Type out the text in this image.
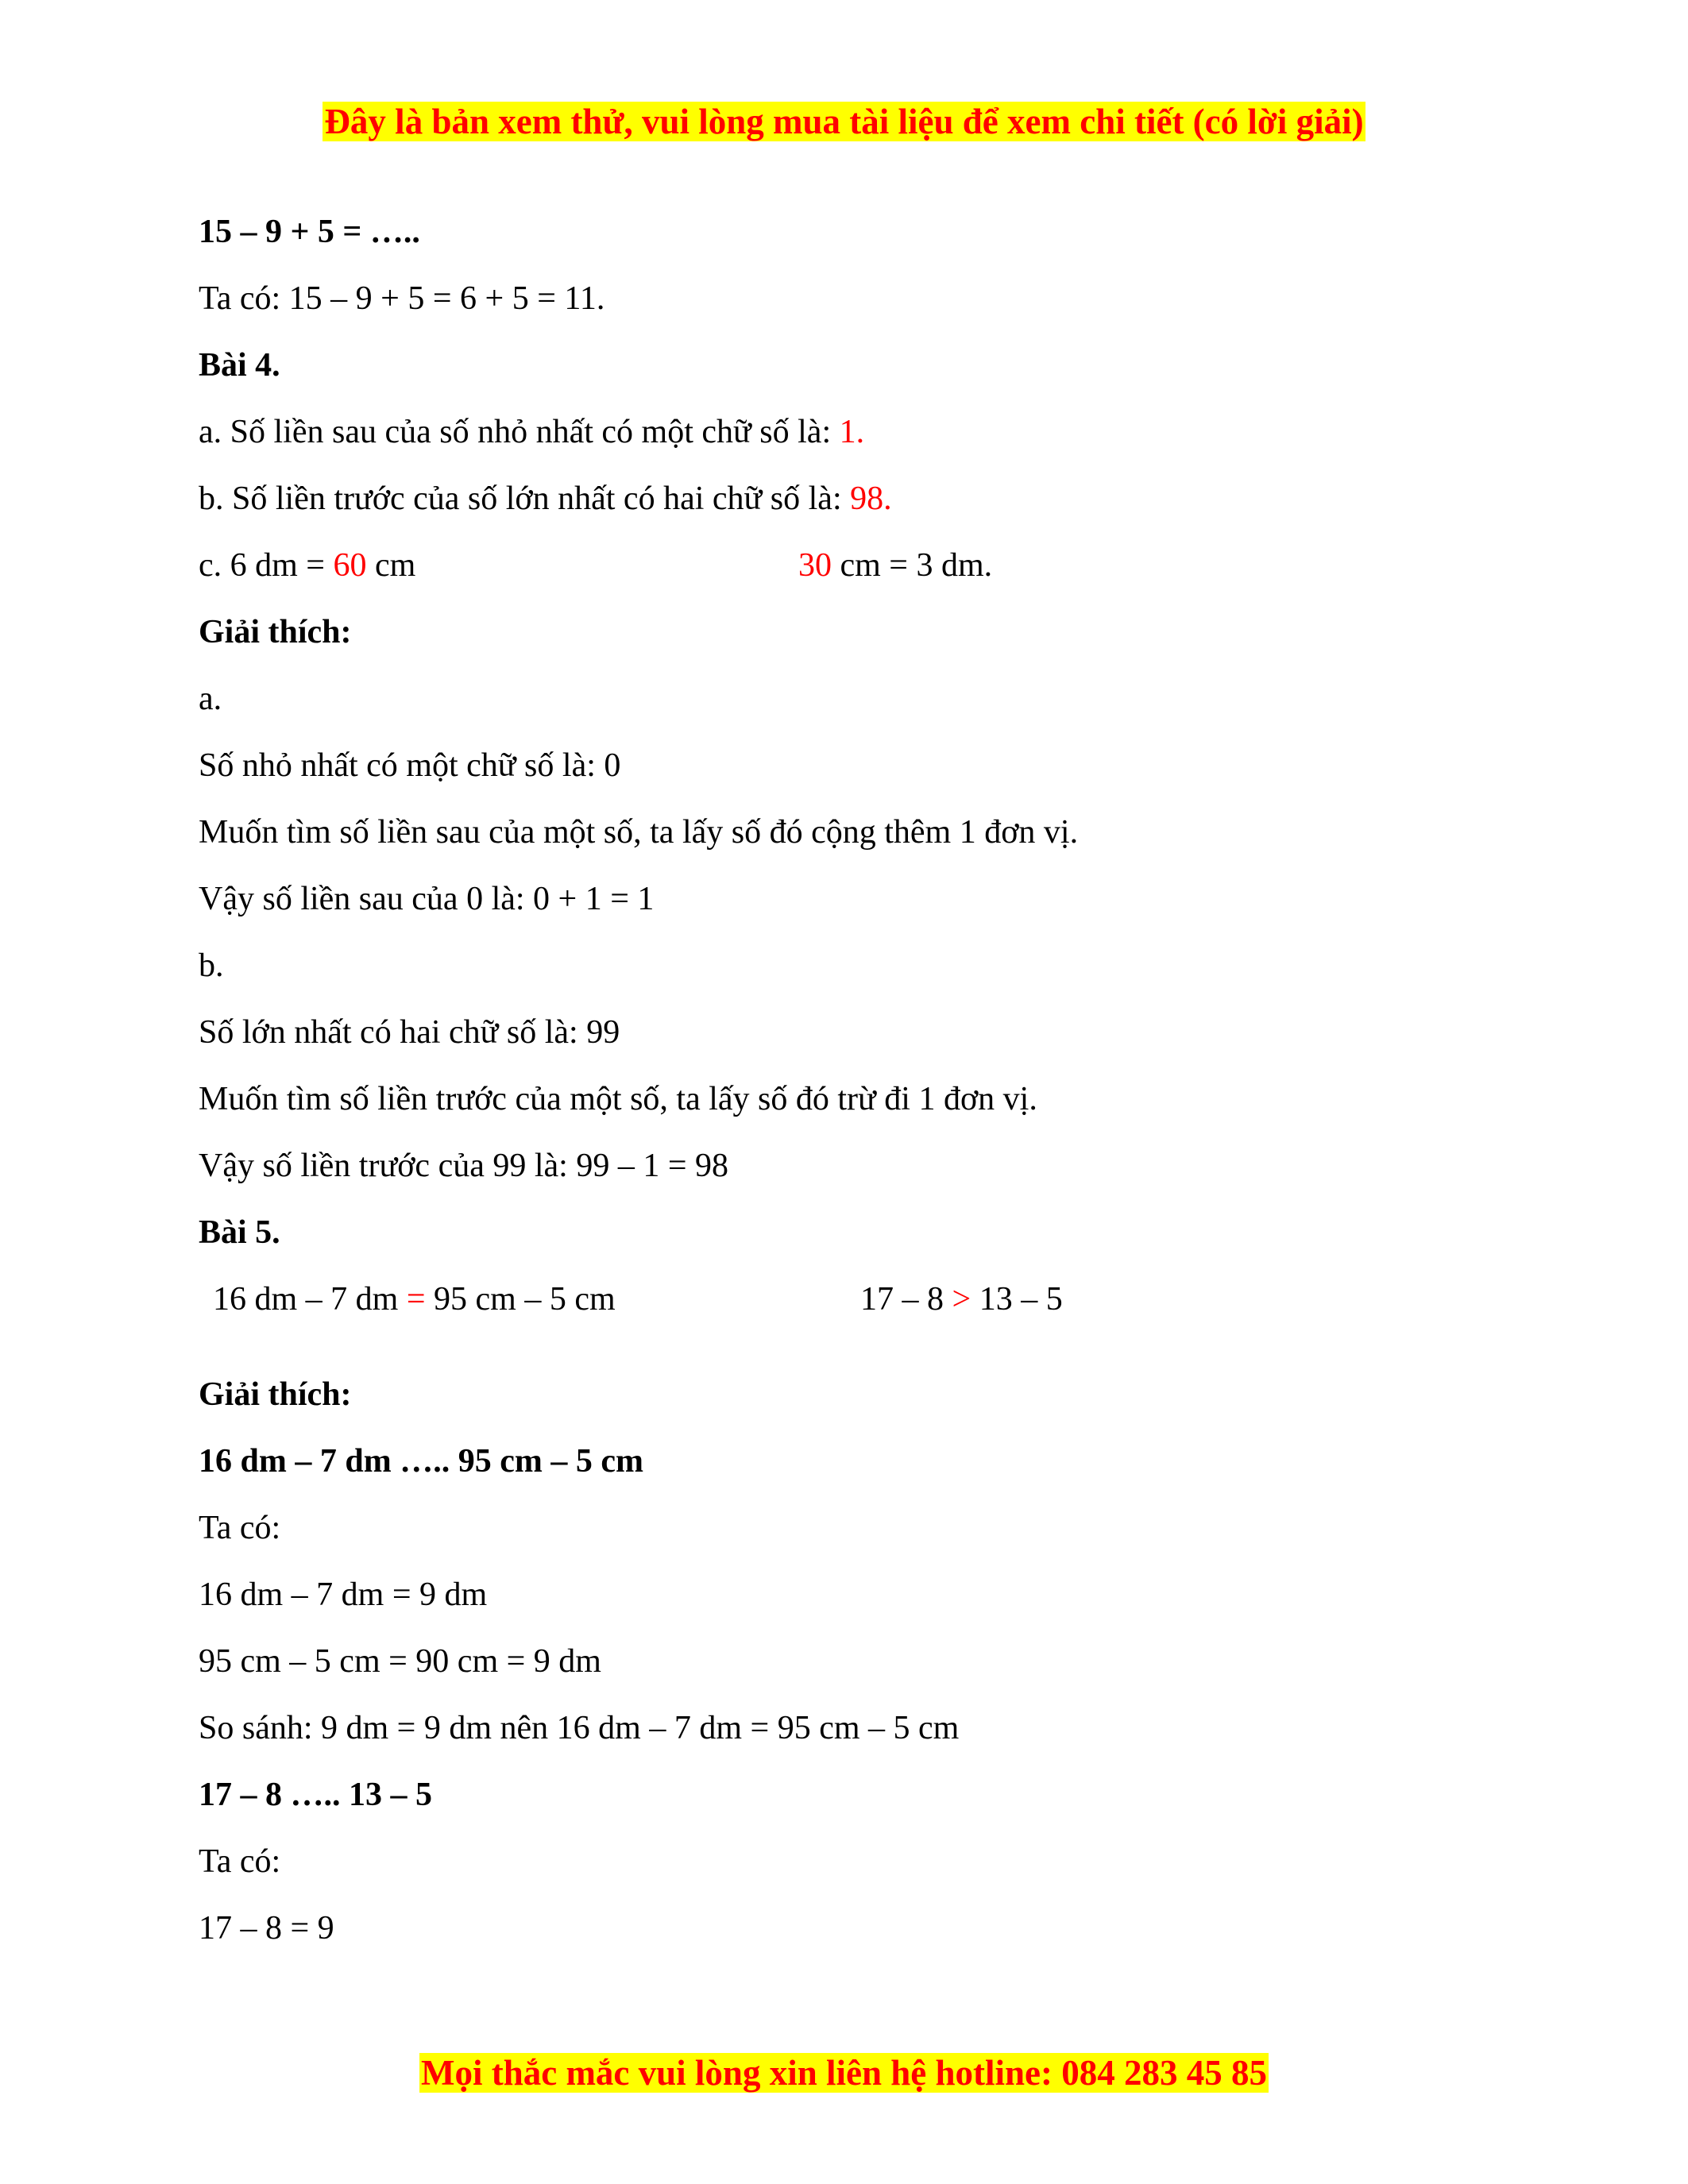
Đây là bản xem thử, vui lòng mua tài liệu để xem chi tiết (có lời giải)
15 – 9 + 5 = …..
Ta có: 15 – 9 + 5 = 6 + 5 = 11.
Bài 4.
a. Số liền sau của số nhỏ nhất có một chữ số là: 1.
b. Số liền trước của số lớn nhất có hai chữ số là: 98.
c. 6 dm = 60 cm	30 cm = 3 dm.
Giải thích:
a.
Số nhỏ nhất có một chữ số là: 0
Muốn tìm số liền sau của một số, ta lấy số đó cộng thêm 1 đơn vị.
Vậy số liền sau của 0 là: 0 + 1 = 1
b.
Số lớn nhất có hai chữ số là: 99
Muốn tìm số liền trước của một số, ta lấy số đó trừ đi 1 đơn vị.
Vậy số liền trước của 99 là: 99 – 1 = 98
Bài 5.
16 dm – 7 dm = 95 cm – 5 cm	17 – 8 > 13 – 5
Giải thích:
16 dm – 7 dm ….. 95 cm – 5 cm
Ta có:
16 dm – 7 dm = 9 dm
95 cm – 5 cm = 90 cm = 9 dm
So sánh: 9 dm = 9 dm nên 16 dm – 7 dm = 95 cm – 5 cm
17 – 8 ….. 13 – 5
Ta có:
17 – 8 = 9
Mọi thắc mắc vui lòng xin liên hệ hotline: 084 283 45 85
